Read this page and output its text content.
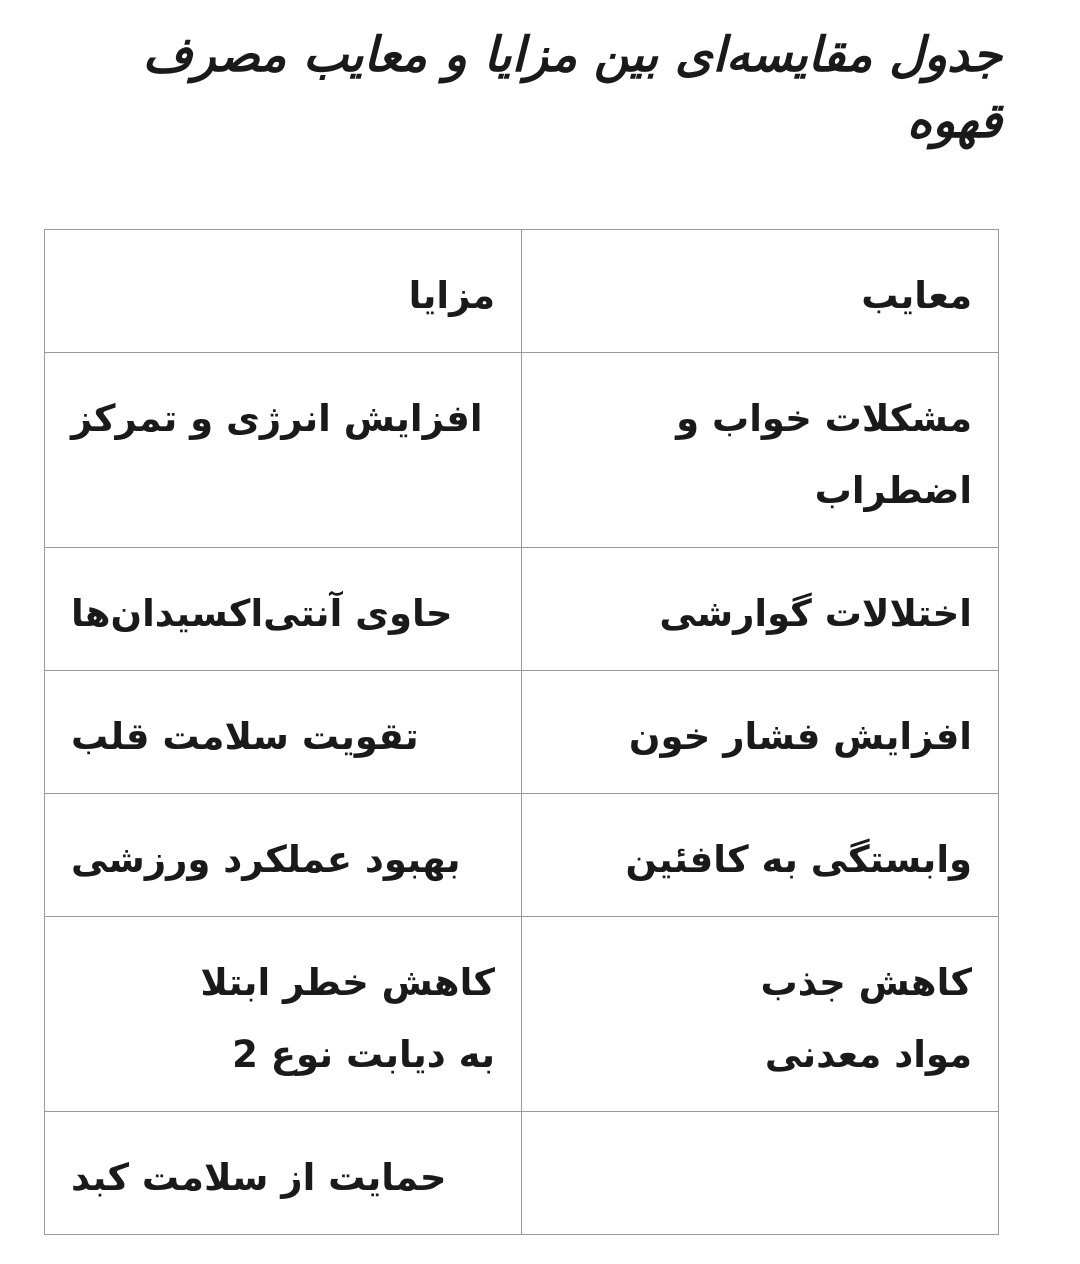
جدول مقایسه‌ای بین مزایا و معایب مصرف قهوه
مزایا	معایب
افزایش انرژی و تمرکز	مشکلات خواب و اضطراب
حاوی آنتی‌اکسیدان‌ها	اختلالات گوارشی
تقویت سلامت قلب	افزایش فشار خون
بهبود عملکرد ورزشی	وابستگی به کافئین
کاهش خطر ابتلا به دیابت نوع 2	کاهش جذب مواد معدنی
حمایت از سلامت کبد	
